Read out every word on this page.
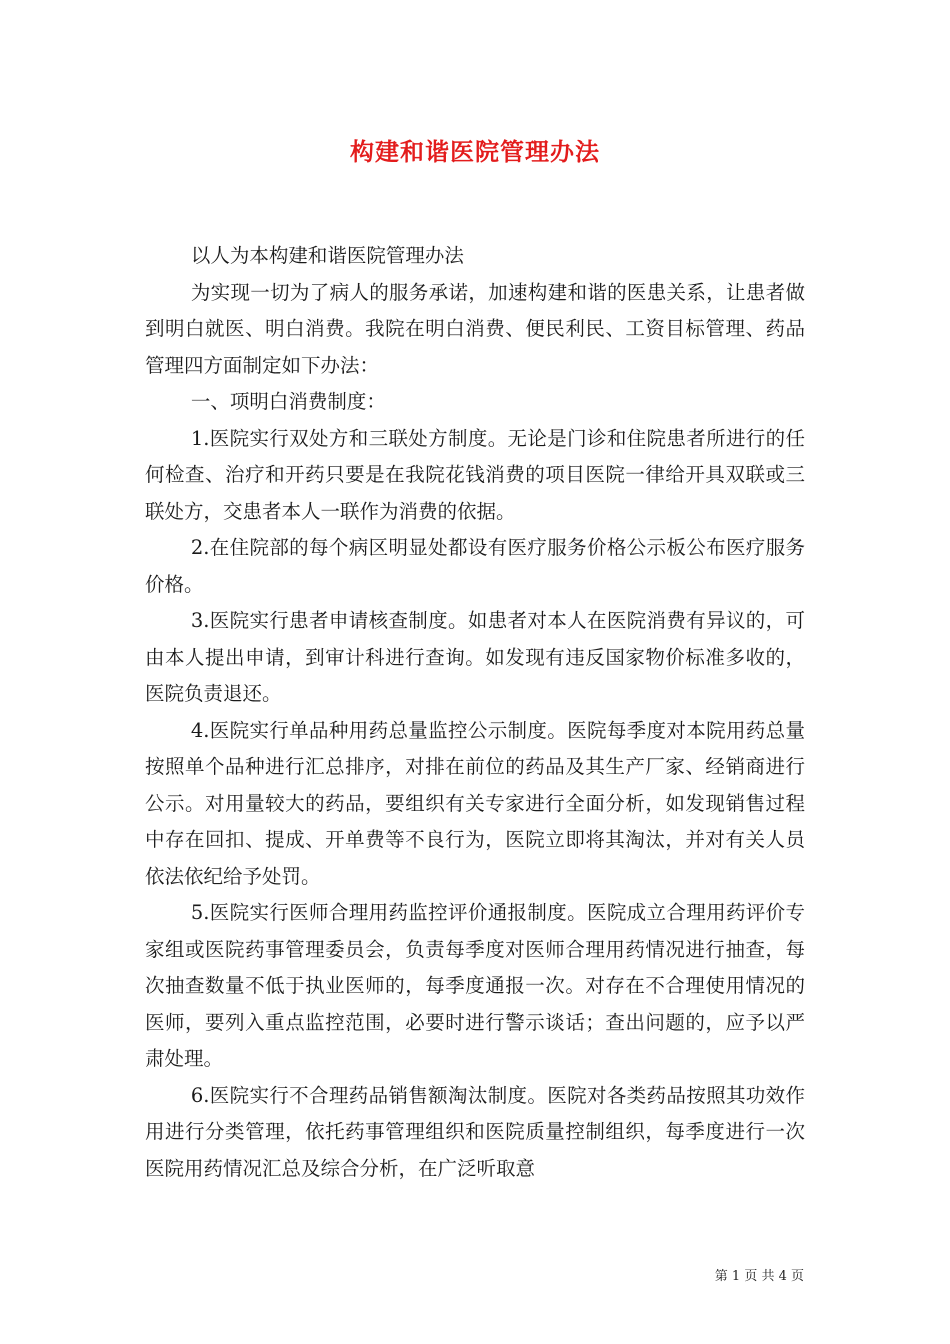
构建和谐医院管理办法

以人为本构建和谐医院管理办法

为实现一切为了病人的服务承诺，加速构建和谐的医患关系，让患者做到明白就医、明白消费。我院在明白消费、便民利民、工资目标管理、药品管理四方面制定如下办法：

一、项明白消费制度：

1.医院实行双处方和三联处方制度。无论是门诊和住院患者所进行的任何检查、治疗和开药只要是在我院花钱消费的项目医院一律给开具双联或三联处方，交患者本人一联作为消费的依据。

2.在住院部的每个病区明显处都设有医疗服务价格公示板公布医疗服务价格。

3.医院实行患者申请核查制度。如患者对本人在医院消费有异议的，可由本人提出申请，到审计科进行查询。如发现有违反国家物价标准多收的，医院负责退还。

4.医院实行单品种用药总量监控公示制度。医院每季度对本院用药总量按照单个品种进行汇总排序，对排在前位的药品及其生产厂家、经销商进行公示。对用量较大的药品，要组织有关专家进行全面分析，如发现销售过程中存在回扣、提成、开单费等不良行为，医院立即将其淘汰，并对有关人员依法依纪给予处罚。

5.医院实行医师合理用药监控评价通报制度。医院成立合理用药评价专家组或医院药事管理委员会，负责每季度对医师合理用药情况进行抽查，每次抽查数量不低于执业医师的，每季度通报一次。对存在不合理使用情况的医师，要列入重点监控范围，必要时进行警示谈话；查出问题的，应予以严肃处理。

6.医院实行不合理药品销售额淘汰制度。医院对各类药品按照其功效作用进行分类管理，依托药事管理组织和医院质量控制组织，每季度进行一次医院用药情况汇总及综合分析，在广泛听取意

第 1 页 共 4 页
